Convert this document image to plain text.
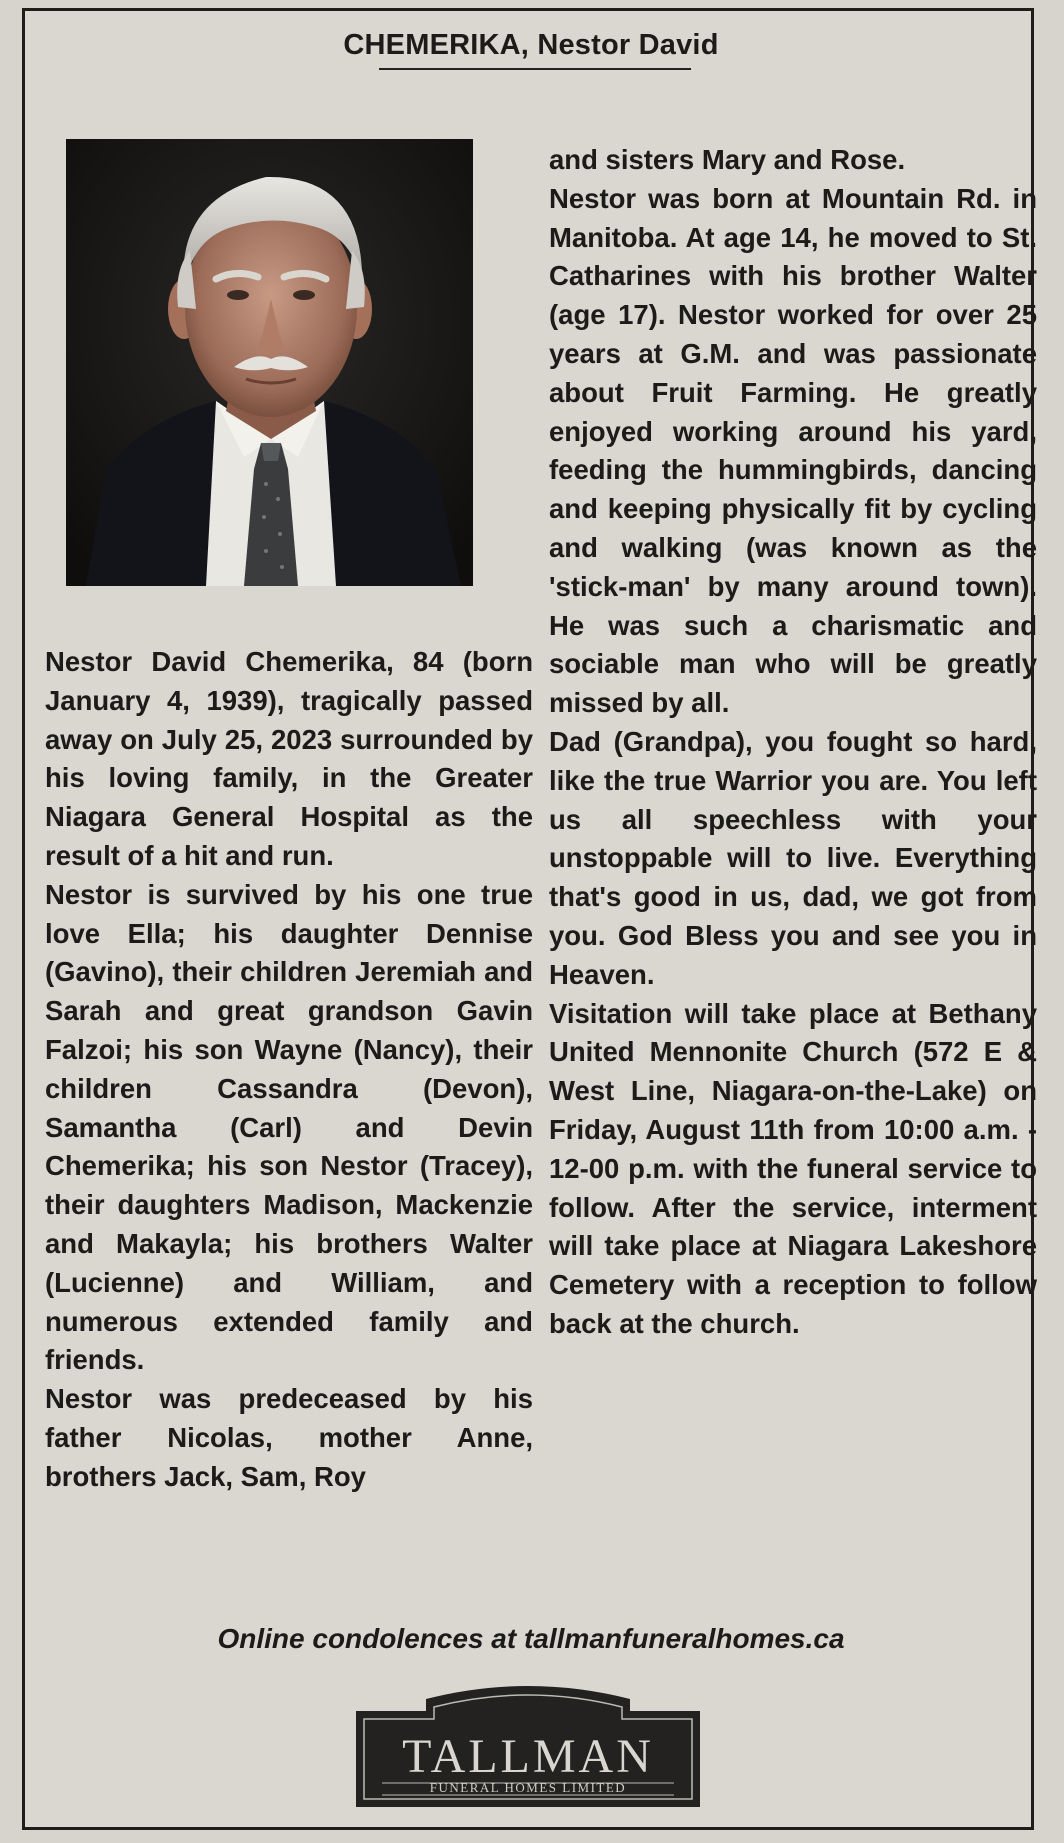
CHEMERIKA, Nestor David

Nestor David Chemerika, 84 (born January 4, 1939), tragically passed away on July 25, 2023 surrounded by his loving family, in the Greater Niagara General Hospital as the result of a hit and run.

Nestor is survived by his one true love Ella; his daughter Dennise (Gavino), their children Jeremiah and Sarah and great grandson Gavin Falzoi; his son Wayne (Nancy), their children Cassandra (Devon), Samantha (Carl) and Devin Chemerika; his son Nestor (Tracey), their daughters Madison, Mackenzie and Makayla; his brothers Walter (Lucienne) and William, and numerous extended family and friends.

Nestor was predeceased by his father Nicolas, mother Anne, brothers Jack, Sam, Roy

and sisters Mary and Rose.

Nestor was born at Mountain Rd. in Manitoba. At age 14, he moved to St. Catharines with his brother Walter (age 17). Nestor worked for over 25 years at G.M. and was passionate about Fruit Farming. He greatly enjoyed working around his yard, feeding the hummingbirds, dancing and keeping physically fit by cycling and walking (was known as the 'stick-man' by many around town). He was such a charismatic and sociable man who will be greatly missed by all.

Dad (Grandpa), you fought so hard, like the true Warrior you are. You left us all speechless with your unstoppable will to live. Everything that's good in us, dad, we got from you. God Bless you and see you in Heaven.

Visitation will take place at Bethany United Mennonite Church (572 E & West Line, Niagara-on-the-Lake) on Friday, August 11th from 10:00 a.m. - 12-00 p.m. with the funeral service to follow. After the service, interment will take place at Niagara Lakeshore Cemetery with a reception to follow back at the church.

Online condolences at tallmanfuneralhomes.ca
TALLMAN
FUNERAL HOMES LIMITED
